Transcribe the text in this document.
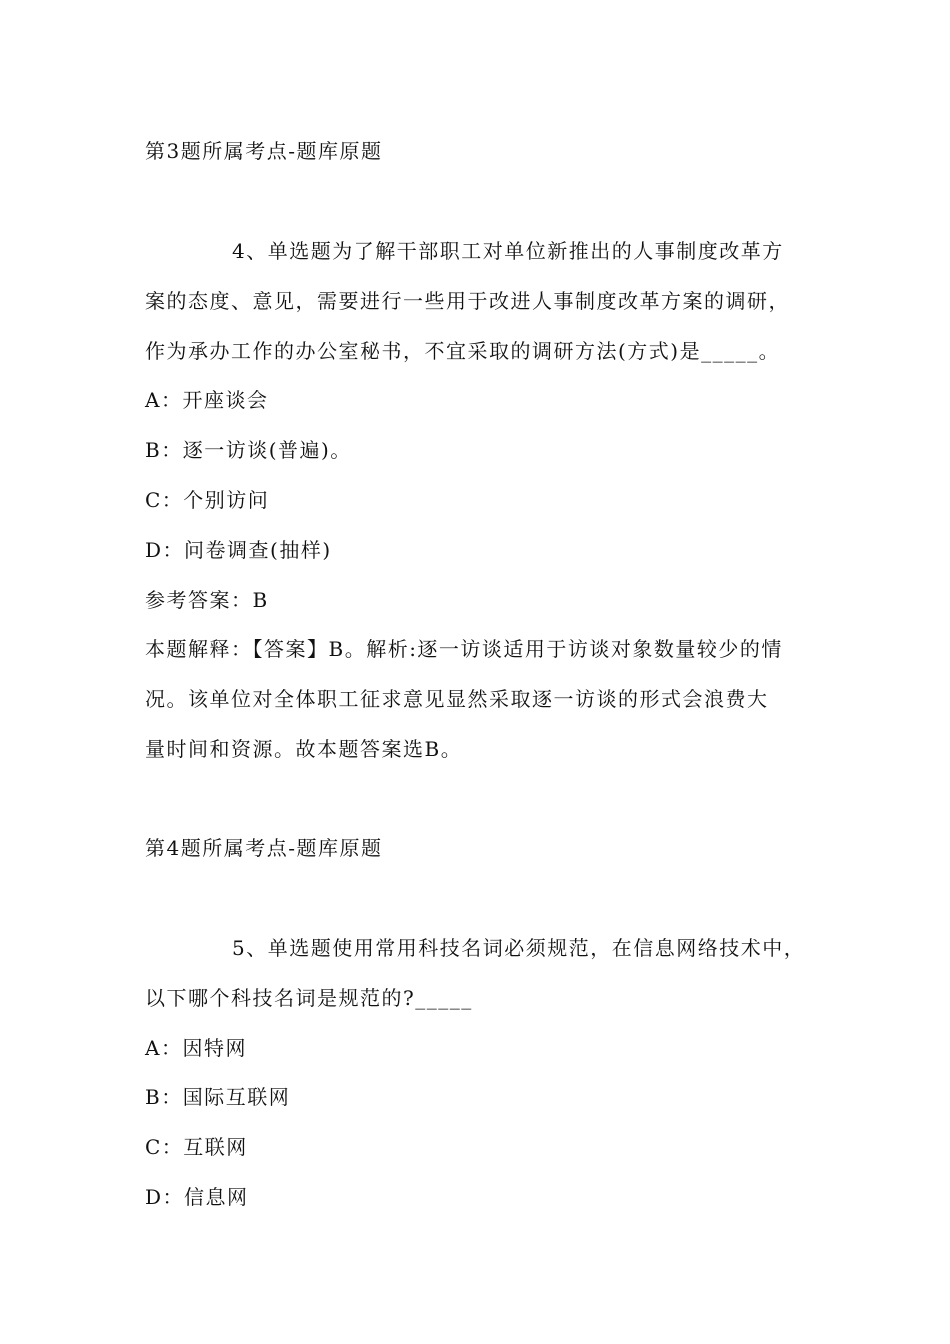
第3题所属考点-题库原题
4、单选题为了解干部职工对单位新推出的人事制度改革方
案的态度、意见，需要进行一些用于改进人事制度改革方案的调研，
作为承办工作的办公室秘书，不宜采取的调研方法(方式)是_____。
A：开座谈会
B：逐一访谈(普遍)。
C：个别访问
D：问卷调查(抽样)
参考答案：B
本题解释：【答案】B。解析:逐一访谈适用于访谈对象数量较少的情
况。该单位对全体职工征求意见显然采取逐一访谈的形式会浪费大
量时间和资源。故本题答案选B。
第4题所属考点-题库原题
5、单选题使用常用科技名词必须规范，在信息网络技术中，
以下哪个科技名词是规范的?_____
A：因特网
B：国际互联网
C：互联网
D：信息网
